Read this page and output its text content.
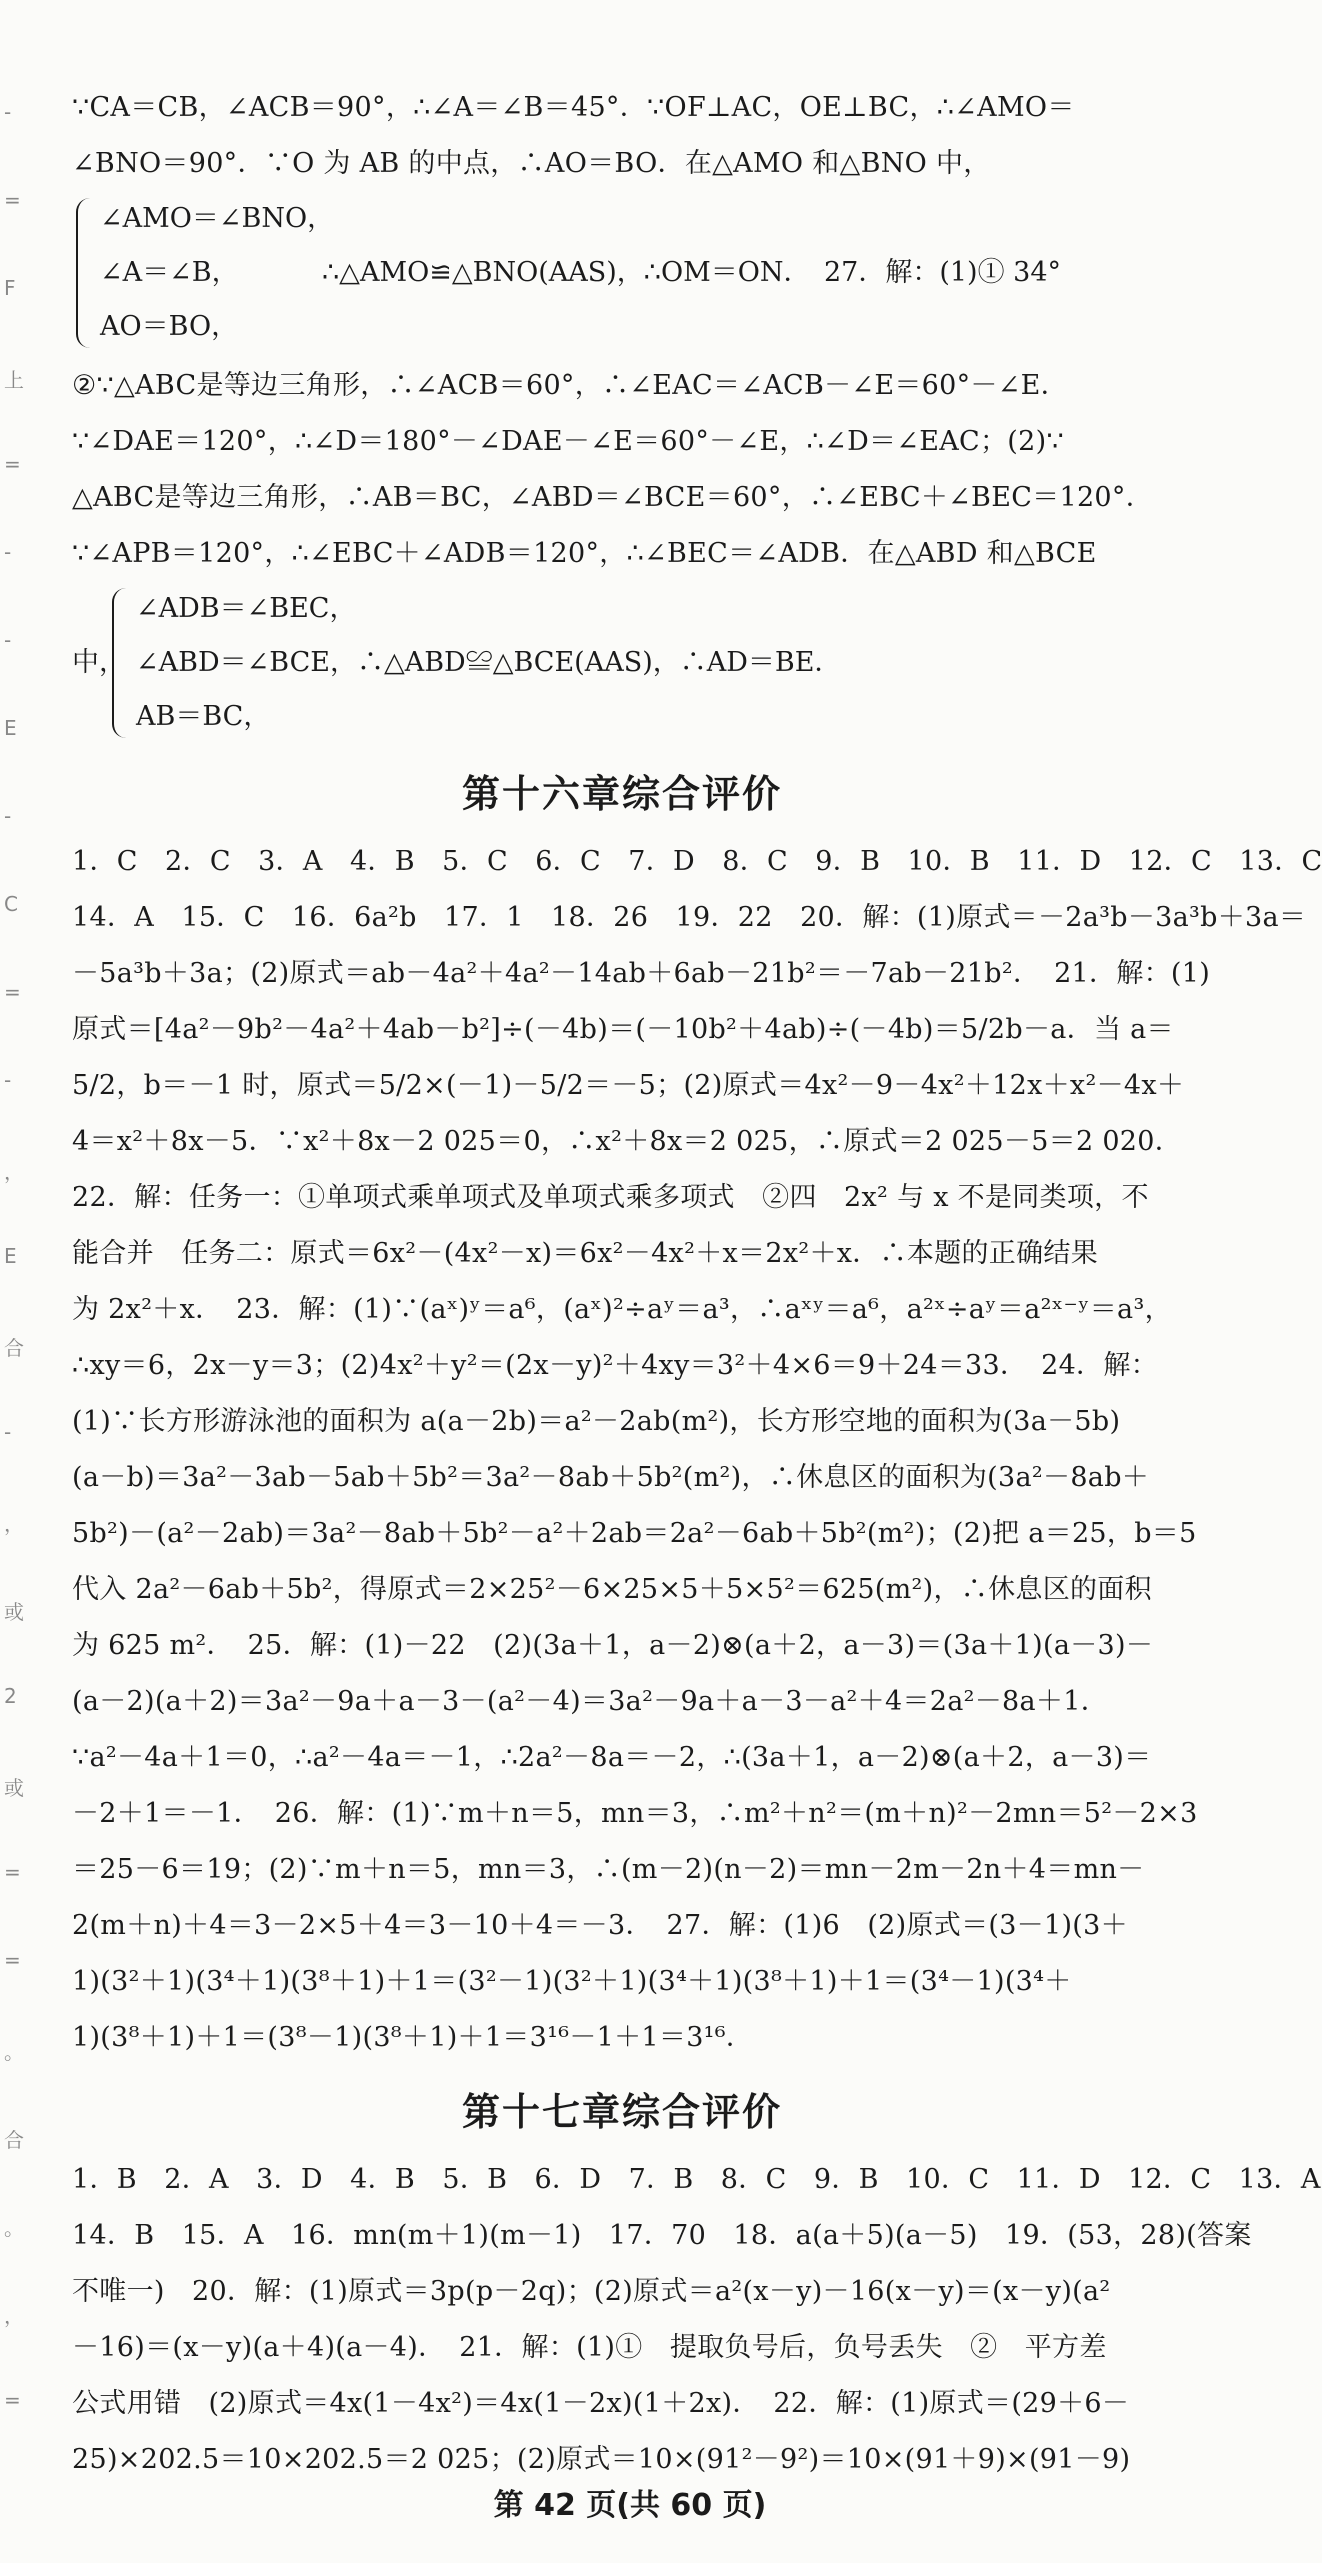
-
=
F
上
=
-
-
E
-
C
=
-
，
E
合
-
，
或
2
或
=
=
。
合
。
，
=
∵CA＝CB，∠ACB＝90°，∴∠A＝∠B＝45°．∵OF⊥AC，OE⊥BC，∴∠AMO＝
∠BNO＝90°．∵O 为 AB 的中点，∴AO＝BO．在△AMO 和△BNO 中，
∠AMO＝∠BNO，
∠A＝∠B，
AO＝BO，
∴△AMO≌△BNO(AAS)，∴OM＝ON．　27．解：(1)① 34°
②∵△ABC是等边三角形，∴∠ACB＝60°，∴∠EAC＝∠ACB－∠E＝60°－∠E．
∵∠DAE＝120°，∴∠D＝180°－∠DAE－∠E＝60°－∠E，∴∠D＝∠EAC；(2)∵
△ABC是等边三角形，∴AB＝BC，∠ABD＝∠BCE＝60°，∴∠EBC＋∠BEC＝120°．
∵∠APB＝120°，∴∠EBC＋∠ADB＝120°，∴∠BEC＝∠ADB．在△ABD 和△BCE
中，
∠ADB＝∠BEC，
∠ABD＝∠BCE，∴△ABD≌△BCE(AAS)，∴AD＝BE．
AB＝BC，
第十六章综合评价
1．C　2．C　3．A　4．B　5．C　6．C　7．D　8．C　9．B　10．B　11．D　12．C　13．C
14．A　15．C　16．6a²b　17．1　18．26　19．22　20．解：(1)原式＝－2a³b－3a³b＋3a＝
－5a³b＋3a；(2)原式＝ab－4a²＋4a²－14ab＋6ab－21b²＝－7ab－21b²．　21．解：(1)
原式＝[4a²－9b²－4a²＋4ab－b²]÷(－4b)＝(－10b²＋4ab)÷(－4b)＝5/2b－a．当 a＝
5/2，b＝－1 时，原式＝5/2×(－1)－5/2＝－5；(2)原式＝4x²－9－4x²＋12x＋x²－4x＋
4＝x²＋8x－5．∵x²＋8x－2 025＝0，∴x²＋8x＝2 025，∴原式＝2 025－5＝2 020．
22．解：任务一：①单项式乘单项式及单项式乘多项式　②四　2x² 与 x 不是同类项，不
能合并　任务二：原式＝6x²－(4x²－x)＝6x²－4x²＋x＝2x²＋x．∴本题的正确结果
为 2x²＋x．　23．解：(1)∵(aˣ)ʸ＝a⁶，(aˣ)²÷aʸ＝a³，∴aˣʸ＝a⁶，a²ˣ÷aʸ＝a²ˣ⁻ʸ＝a³，
∴xy＝6，2x－y＝3；(2)4x²＋y²＝(2x－y)²＋4xy＝3²＋4×6＝9＋24＝33．　24．解：
(1)∵长方形游泳池的面积为 a(a－2b)＝a²－2ab(m²)，长方形空地的面积为(3a－5b)
(a－b)＝3a²－3ab－5ab＋5b²＝3a²－8ab＋5b²(m²)，∴休息区的面积为(3a²－8ab＋
5b²)－(a²－2ab)＝3a²－8ab＋5b²－a²＋2ab＝2a²－6ab＋5b²(m²)；(2)把 a＝25，b＝5
代入 2a²－6ab＋5b²，得原式＝2×25²－6×25×5＋5×5²＝625(m²)，∴休息区的面积
为 625 m²．　25．解：(1)－22　(2)(3a＋1，a－2)⊗(a＋2，a－3)＝(3a＋1)(a－3)－
(a－2)(a＋2)＝3a²－9a＋a－3－(a²－4)＝3a²－9a＋a－3－a²＋4＝2a²－8a＋1．
∵a²－4a＋1＝0，∴a²－4a＝－1，∴2a²－8a＝－2，∴(3a＋1，a－2)⊗(a＋2，a－3)＝
－2＋1＝－1．　26．解：(1)∵m＋n＝5，mn＝3，∴m²＋n²＝(m＋n)²－2mn＝5²－2×3
＝25－6＝19；(2)∵m＋n＝5，mn＝3，∴(m－2)(n－2)＝mn－2m－2n＋4＝mn－
2(m＋n)＋4＝3－2×5＋4＝3－10＋4＝－3．　27．解：(1)6　(2)原式＝(3－1)(3＋
1)(3²＋1)(3⁴＋1)(3⁸＋1)＋1＝(3²－1)(3²＋1)(3⁴＋1)(3⁸＋1)＋1＝(3⁴－1)(3⁴＋
1)(3⁸＋1)＋1＝(3⁸－1)(3⁸＋1)＋1＝3¹⁶－1＋1＝3¹⁶．
第十七章综合评价
1．B　2．A　3．D　4．B　5．B　6．D　7．B　8．C　9．B　10．C　11．D　12．C　13．A
14．B　15．A　16．mn(m＋1)(m－1)　17．70　18．a(a＋5)(a－5)　19．(53，28)(答案
不唯一)　20．解：(1)原式＝3p(p－2q)；(2)原式＝a²(x－y)－16(x－y)＝(x－y)(a²
－16)＝(x－y)(a＋4)(a－4)．　21．解：(1)①　提取负号后，负号丢失　②　平方差
公式用错　(2)原式＝4x(1－4x²)＝4x(1－2x)(1＋2x)．　22．解：(1)原式＝(29＋6－
25)×202.5＝10×202.5＝2 025；(2)原式＝10×(91²－9²)＝10×(91＋9)×(91－9)
第 42 页(共 60 页)
